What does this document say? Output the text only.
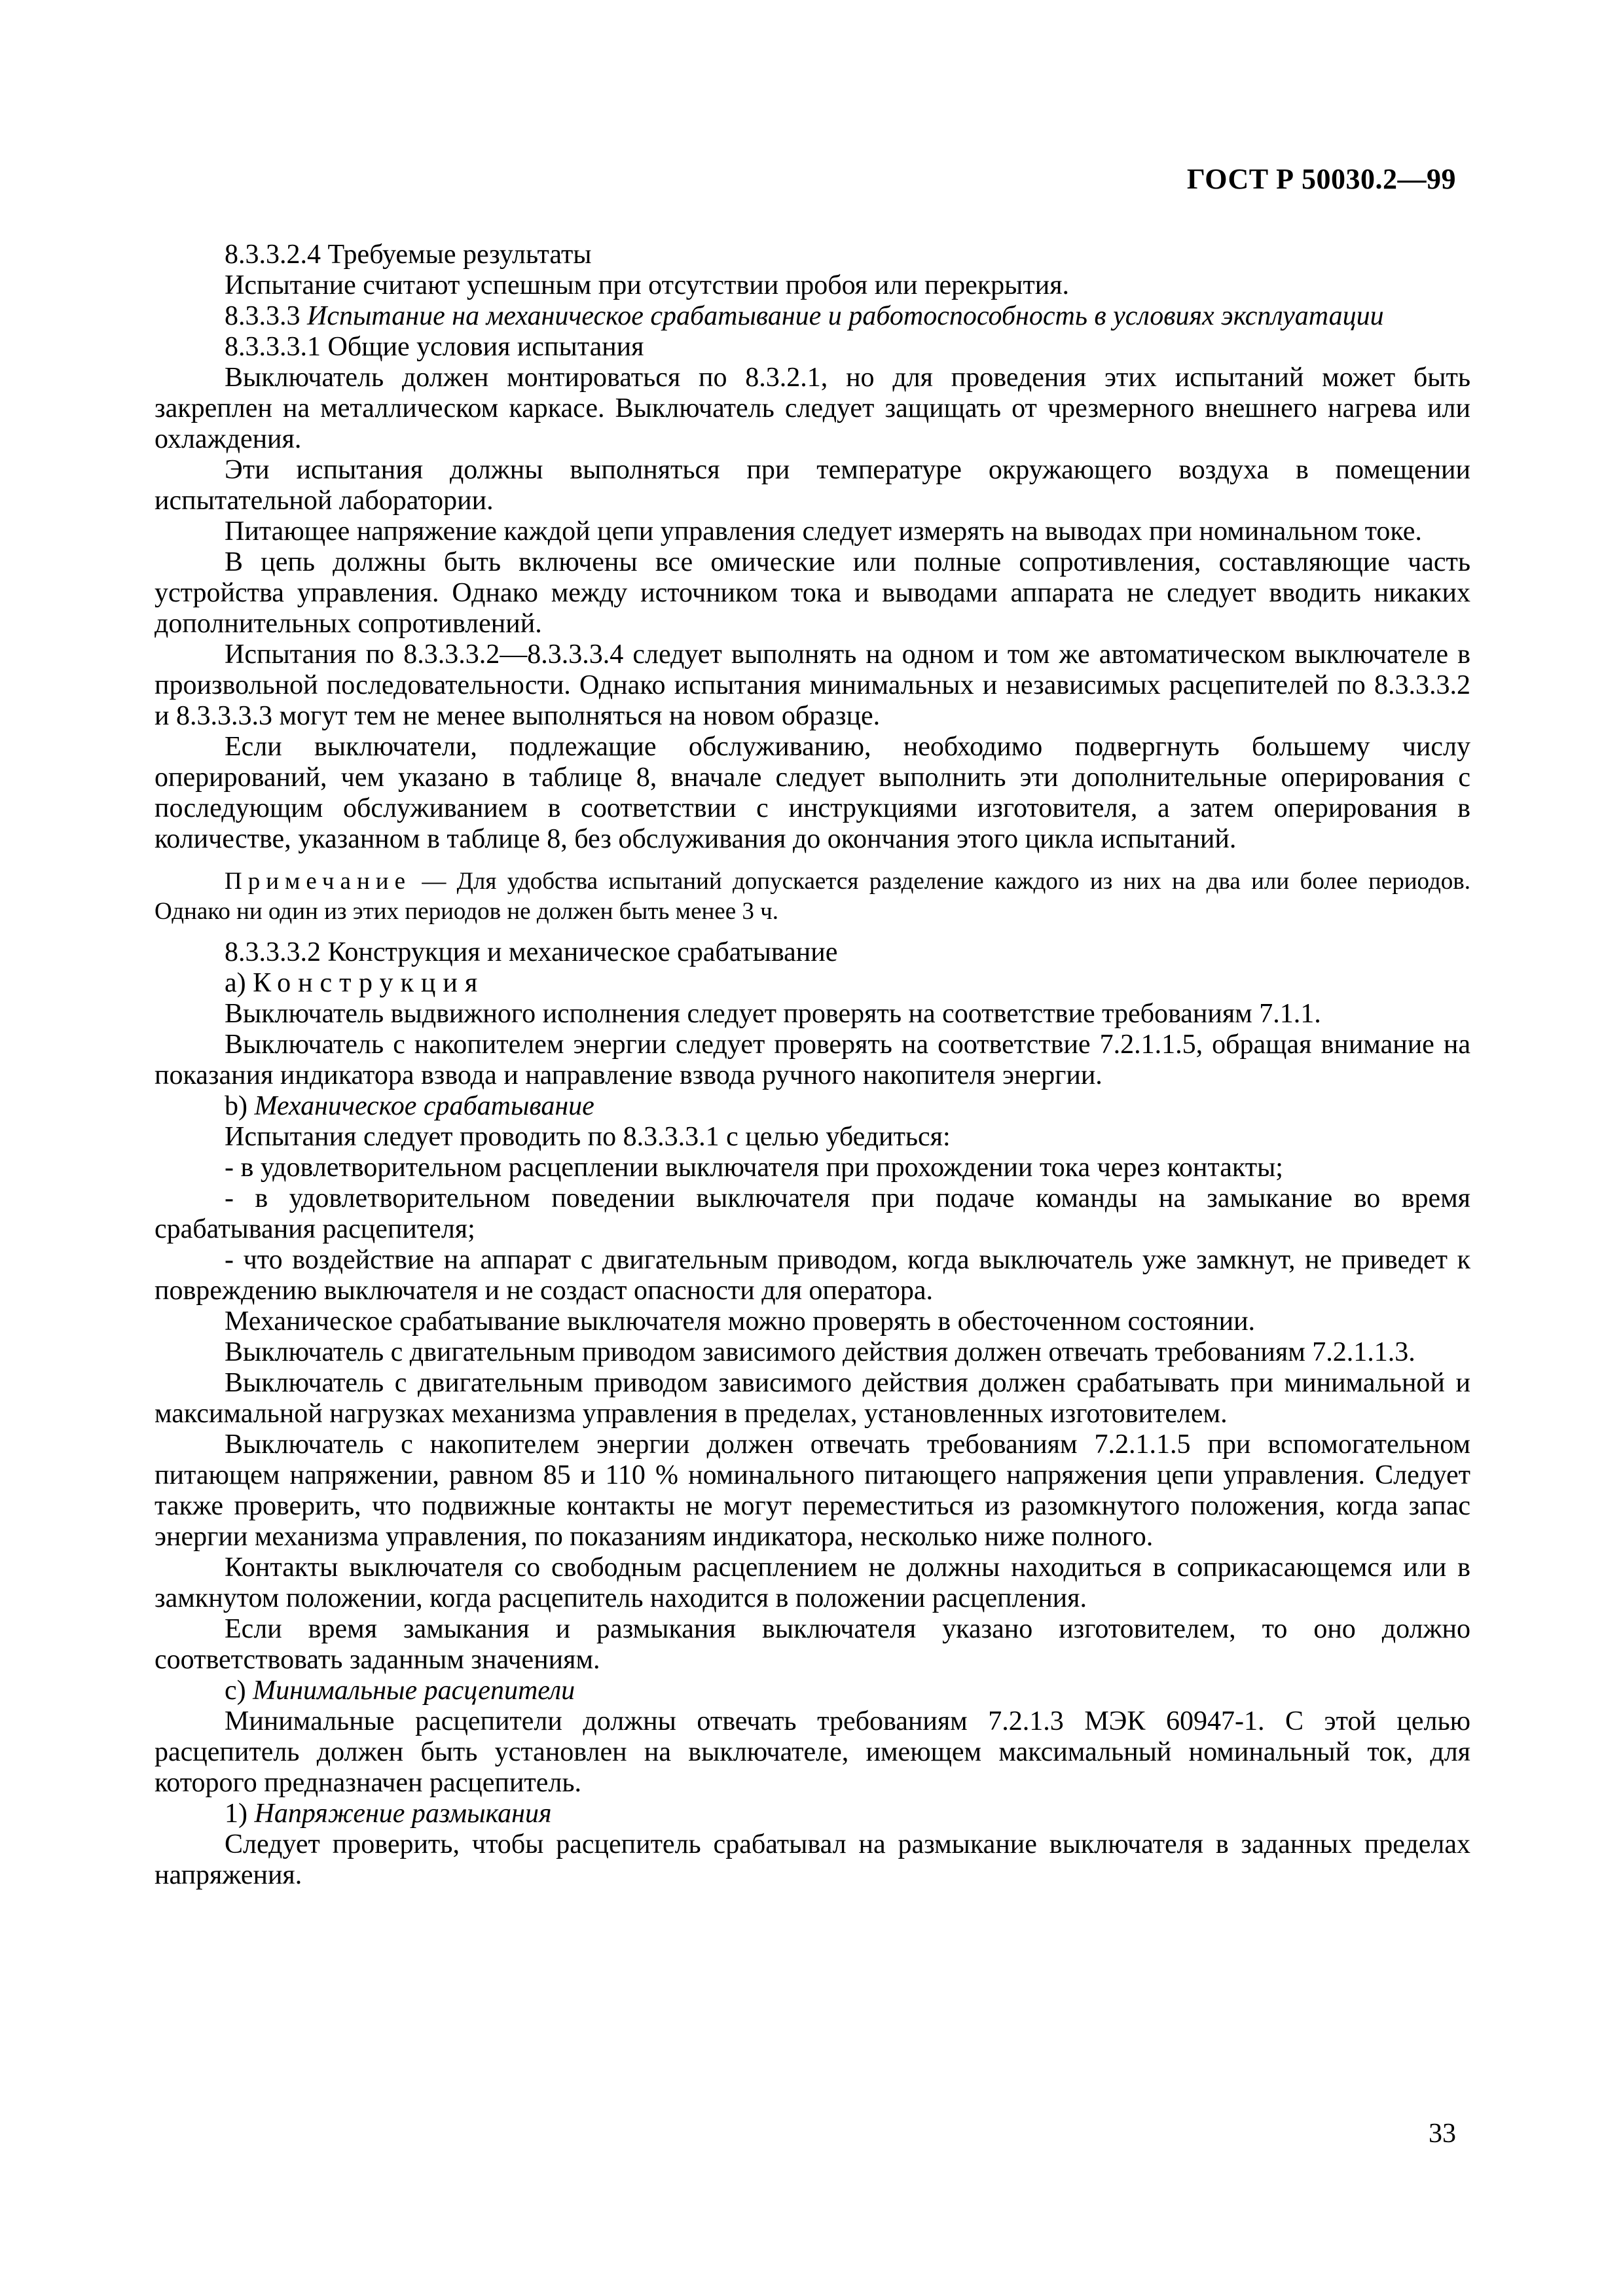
ГОСТ Р 50030.2—99

8.3.3.2.4 Требуемые результаты

Испытание считают успешным при отсутствии пробоя или перекрытия.

8.3.3.3 Испытание на механическое срабатывание и работоспособность в условиях эксплуатации

8.3.3.3.1 Общие условия испытания

Выключатель должен монтироваться по 8.3.2.1, но для проведения этих испытаний может быть закреплен на металлическом каркасе. Выключатель следует защищать от чрезмерного внешнего нагрева или охлаждения.

Эти испытания должны выполняться при температуре окружающего воздуха в помещении испытательной лаборатории.

Питающее напряжение каждой цепи управления следует измерять на выводах при номинальном токе.

В цепь должны быть включены все омические или полные сопротивления, составляющие часть устройства управления. Однако между источником тока и выводами аппарата не следует вводить никаких дополнительных сопротивлений.

Испытания по 8.3.3.3.2—8.3.3.3.4 следует выполнять на одном и том же автоматическом выключателе в произвольной последовательности. Однако испытания минимальных и независимых расцепителей по 8.3.3.3.2 и 8.3.3.3.3 могут тем не менее выполняться на новом образце.

Если выключатели, подлежащие обслуживанию, необходимо подвергнуть большему числу оперирований, чем указано в таблице 8, вначале следует выполнить эти дополнительные оперирования с последующим обслуживанием в соответствии с инструкциями изготовителя, а затем оперирования в количестве, указанном в таблице 8, без обслуживания до окончания этого цикла испытаний.

Примечание — Для удобства испытаний допускается разделение каждого из них на два или более периодов. Однако ни один из этих периодов не должен быть менее 3 ч.

8.3.3.3.2 Конструкция и механическое срабатывание

a) Конструкция

Выключатель выдвижного исполнения следует проверять на соответствие требованиям 7.1.1.

Выключатель с накопителем энергии следует проверять на соответствие 7.2.1.1.5, обращая внимание на показания индикатора взвода и направление взвода ручного накопителя энергии.

b) Механическое срабатывание

Испытания следует проводить по 8.3.3.3.1 с целью убедиться:

- в удовлетворительном расцеплении выключателя при прохождении тока через контакты;

- в удовлетворительном поведении выключателя при подаче команды на замыкание во время срабатывания расцепителя;

- что воздействие на аппарат с двигательным приводом, когда выключатель уже замкнут, не приведет к повреждению выключателя и не создаст опасности для оператора.

Механическое срабатывание выключателя можно проверять в обесточенном состоянии.

Выключатель с двигательным приводом зависимого действия должен отвечать требованиям 7.2.1.1.3.

Выключатель с двигательным приводом зависимого действия должен срабатывать при минимальной и максимальной нагрузках механизма управления в пределах, установленных изготовителем.

Выключатель с накопителем энергии должен отвечать требованиям 7.2.1.1.5 при вспомогательном питающем напряжении, равном 85 и 110 % номинального питающего напряжения цепи управления. Следует также проверить, что подвижные контакты не могут переместиться из разомкнутого положения, когда запас энергии механизма управления, по показаниям индикатора, несколько ниже полного.

Контакты выключателя со свободным расцеплением не должны находиться в соприкасающемся или в замкнутом положении, когда расцепитель находится в положении расцепления.

Если время замыкания и размыкания выключателя указано изготовителем, то оно должно соответствовать заданным значениям.

c) Минимальные расцепители

Минимальные расцепители должны отвечать требованиям 7.2.1.3 МЭК 60947-1. С этой целью расцепитель должен быть установлен на выключателе, имеющем максимальный номинальный ток, для которого предназначен расцепитель.

1) Напряжение размыкания

Следует проверить, чтобы расцепитель срабатывал на размыкание выключателя в заданных пределах напряжения.

33
